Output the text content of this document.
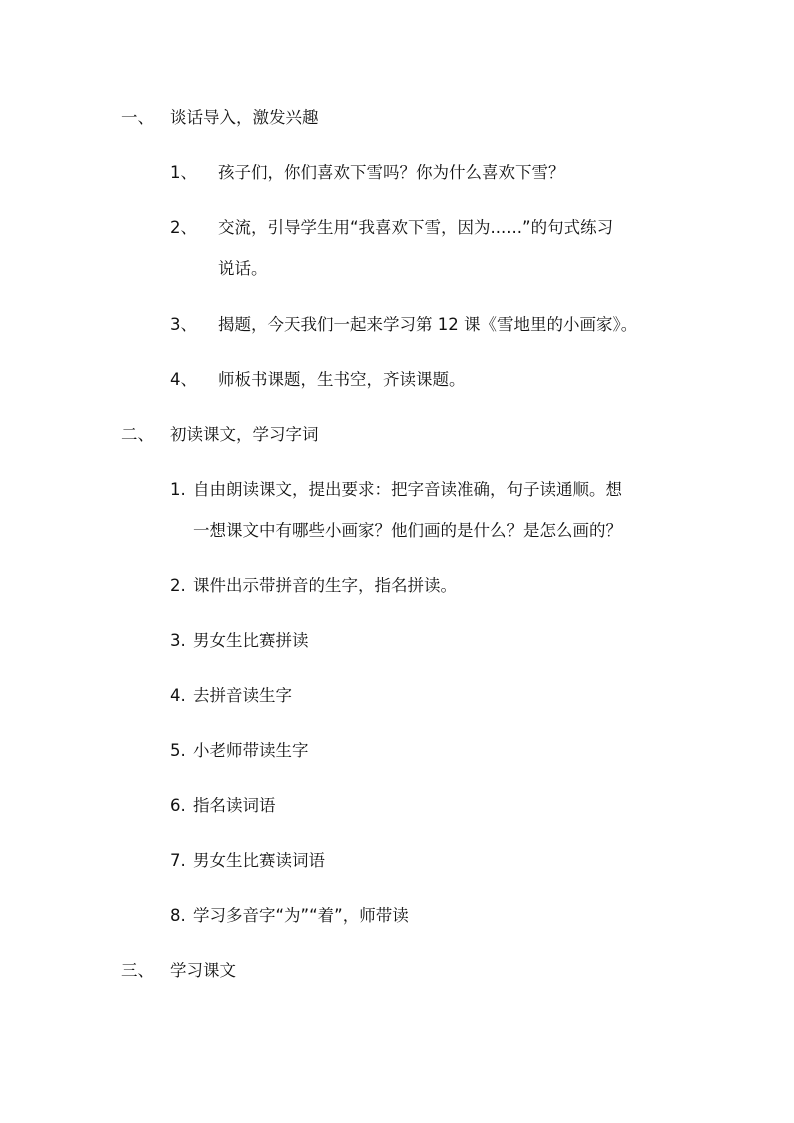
一、 谈话导入，激发兴趣
1、 孩子们，你们喜欢下雪吗？你为什么喜欢下雪？
2、 交流，引导学生用“我喜欢下雪，因为......”的句式练习
说话。
3、 揭题，今天我们一起来学习第 12 课《雪地里的小画家》。
4、 师板书课题，生书空，齐读课题。
二、 初读课文，学习字词
1. 自由朗读课文，提出要求：把字音读准确，句子读通顺。想
一想课文中有哪些小画家？他们画的是什么？是怎么画的？
2. 课件出示带拼音的生字，指名拼读。
3. 男女生比赛拼读
4. 去拼音读生字
5. 小老师带读生字
6. 指名读词语
7. 男女生比赛读词语
8. 学习多音字“为”“着”，师带读
三、 学习课文
